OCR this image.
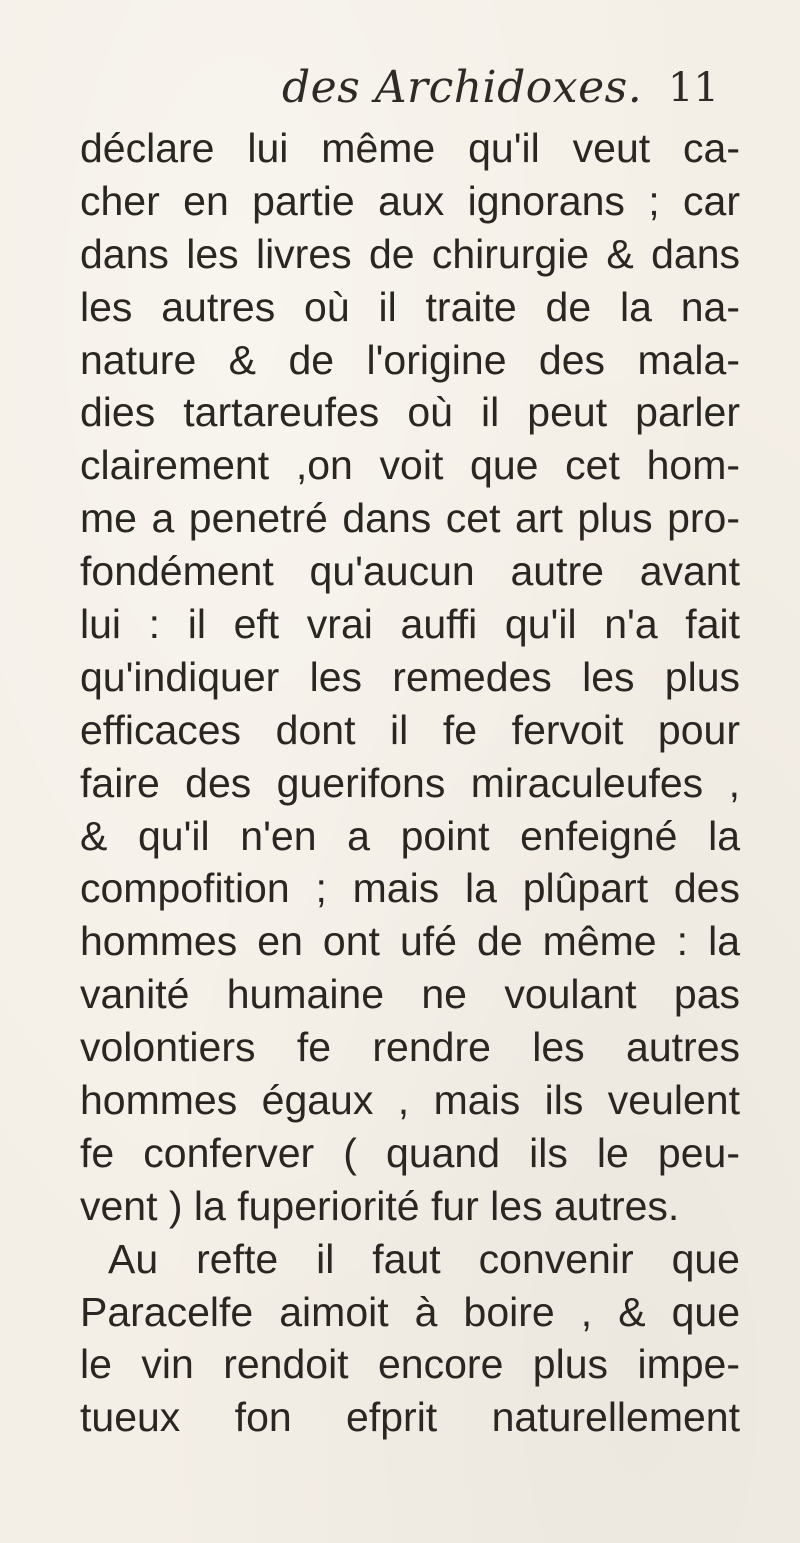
des Archidoxes. 11
déclare lui même qu'il veut ca-
cher en partie aux ignorans ; car
dans les livres de chirurgie & dans
les autres où il traite de la na-
nature & de l'origine des mala-
dies tartareufes où il peut parler
clairement ,on voit que cet hom-
me a penetré dans cet art plus pro-
fondément qu'aucun autre avant
lui : il eft vrai auffi qu'il n'a fait
qu'indiquer les remedes les plus
efficaces dont il fe fervoit pour
faire des guerifons miraculeufes ,
& qu'il n'en a point enfeigné la
compofition ; mais la plûpart des
hommes en ont ufé de même : la
vanité humaine ne voulant pas
volontiers fe rendre les autres
hommes égaux , mais ils veulent
fe conferver ( quand ils le peu-
vent ) la fuperiorité fur les autres.
Au refte il faut convenir que
Paracelfe aimoit à boire , & que
le vin rendoit encore plus impe-
tueux fon efprit naturellement
